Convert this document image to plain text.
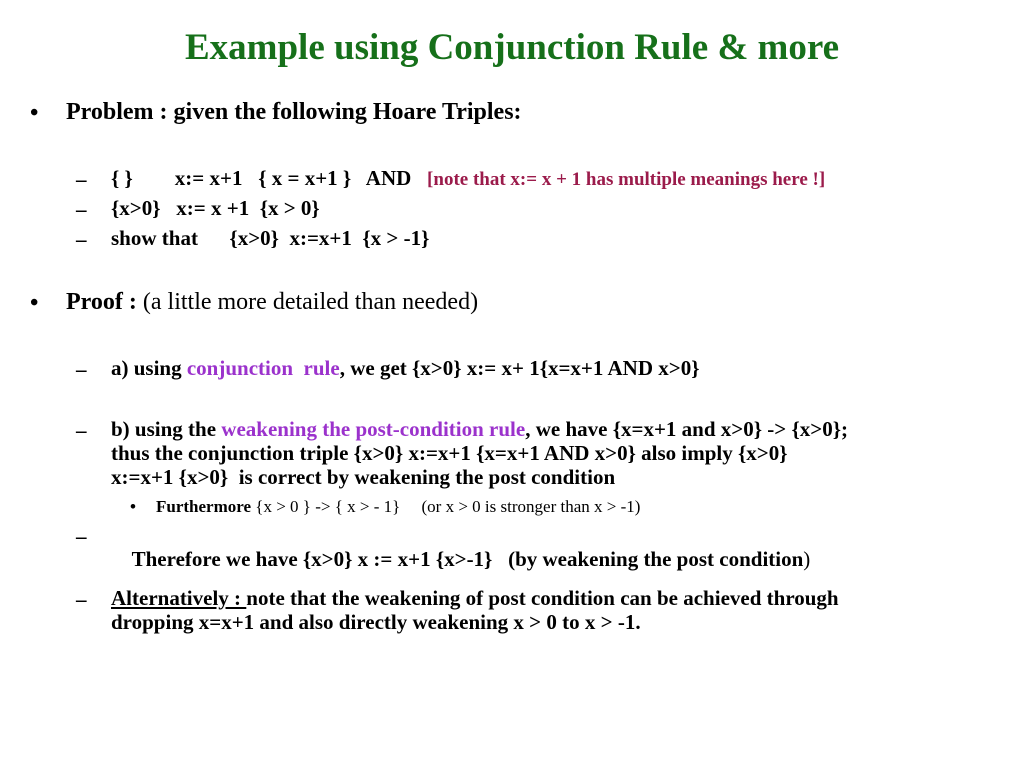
Example using Conjunction Rule & more
• Problem : given the following Hoare Triples:
– { }        x:= x+1   { x = x+1 }   AND [note that x:= x + 1 has multiple meanings here !]
– {x>0}   x:= x +1  {x > 0}
– show that      {x>0}  x:=x+1  {x > -1}
• Proof : (a little more detailed than needed)
– a) using conjunction  rule, we get {x>0} x:= x+ 1{x=x+1 AND x>0}
– b) using the weakening the post-condition rule, we have {x=x+1 and x>0} -> {x>0};
thus the conjunction triple {x>0} x:=x+1 {x=x+1 AND x>0} also imply {x>0}
x:=x+1 {x>0}  is correct by weakening the post condition
• Furthermore {x > 0 } -> { x > - 1}     (or x > 0 is stronger than x > -1)
–

Therefore we have {x>0} x := x+1 {x>-1}   (by weakening the post condition)

– Alternatively : note that the weakening of post condition can be achieved through
dropping x=x+1 and also directly weakening x > 0 to x > -1.
